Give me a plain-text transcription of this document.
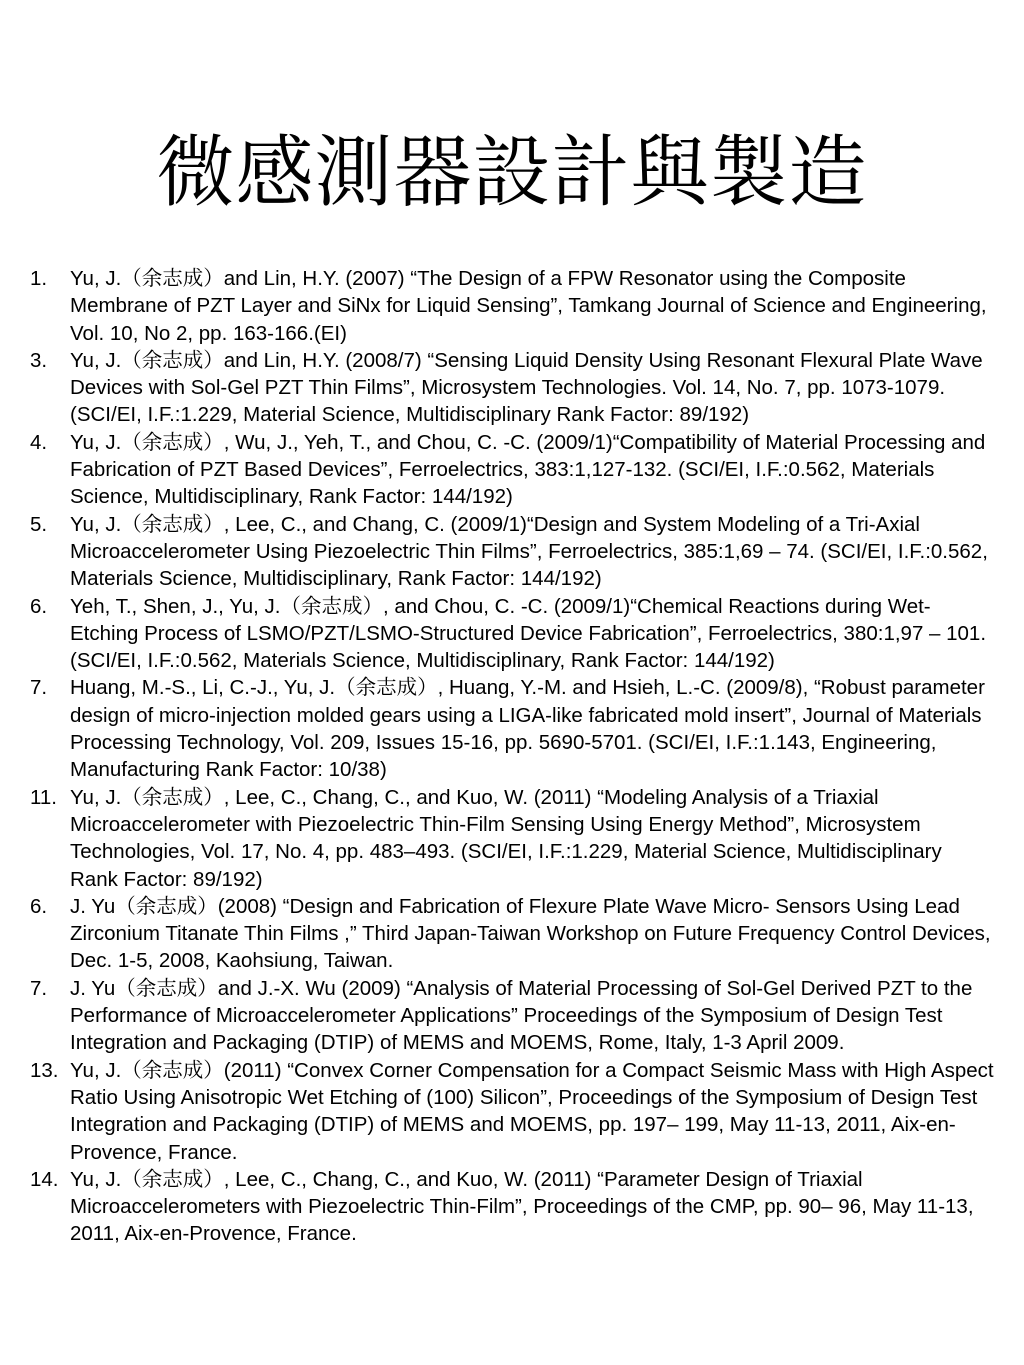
微感測器設計與製造
1.	Yu, J.（余志成）and Lin, H.Y. (2007) “The Design of a FPW Resonator using the Composite Membrane of PZT Layer and SiNx for Liquid Sensing”, Tamkang Journal of Science and Engineering, Vol. 10, No 2, pp. 163-166.(EI)
3.	Yu, J.（余志成）and Lin, H.Y. (2008/7) “Sensing Liquid Density Using Resonant Flexural Plate Wave Devices with Sol-Gel PZT Thin Films”, Microsystem Technologies. Vol. 14, No. 7, pp. 1073-1079. (SCI/EI, I.F.:1.229, Material Science, Multidisciplinary Rank Factor: 89/192)
4.	Yu, J.（余志成）, Wu, J., Yeh, T., and Chou, C. -C. (2009/1)“Compatibility of Material Processing and Fabrication of PZT Based Devices”, Ferroelectrics, 383:1,127-132. (SCI/EI, I.F.:0.562, Materials Science, Multidisciplinary, Rank Factor: 144/192)
5.	Yu, J.（余志成）, Lee, C., and Chang, C. (2009/1)“Design and System Modeling of a Tri-Axial Microaccelerometer Using Piezoelectric Thin Films”, Ferroelectrics, 385:1,69 – 74. (SCI/EI, I.F.:0.562, Materials Science, Multidisciplinary, Rank Factor: 144/192)
6.	Yeh, T., Shen, J., Yu, J.（余志成）, and Chou, C. -C. (2009/1)“Chemical Reactions during Wet-Etching Process of LSMO/PZT/LSMO-Structured Device Fabrication”, Ferroelectrics, 380:1,97 – 101. (SCI/EI, I.F.:0.562, Materials Science, Multidisciplinary, Rank Factor: 144/192)
7.	Huang, M.-S., Li, C.-J., Yu, J.（余志成）, Huang, Y.-M. and Hsieh, L.-C. (2009/8), “Robust parameter design of micro-injection molded gears using a LIGA-like fabricated mold insert”, Journal of Materials Processing Technology, Vol. 209, Issues 15-16, pp. 5690-5701. (SCI/EI, I.F.:1.143, Engineering, Manufacturing Rank Factor: 10/38)
11. Yu, J.（余志成）, Lee, C., Chang, C., and Kuo, W. (2011) “Modeling Analysis of a Triaxial Microaccelerometer with Piezoelectric Thin-Film Sensing Using Energy Method”, Microsystem Technologies, Vol. 17, No. 4, pp. 483–493. (SCI/EI, I.F.:1.229, Material Science, Multidisciplinary Rank Factor: 89/192)
6.	J. Yu（余志成）(2008) “Design and Fabrication of Flexure Plate Wave Micro- Sensors Using Lead Zirconium Titanate Thin Films ,” Third Japan-Taiwan Workshop on Future Frequency Control Devices, Dec. 1-5, 2008, Kaohsiung, Taiwan.
7.	J. Yu（余志成）and J.-X. Wu (2009) “Analysis of Material Processing of Sol-Gel Derived PZT to the Performance of Microaccelerometer Applications” Proceedings of the Symposium of Design Test Integration and Packaging (DTIP) of MEMS and MOEMS, Rome, Italy, 1-3 April 2009.
13. Yu, J.（余志成）(2011) “Convex Corner Compensation for a Compact Seismic Mass with High Aspect Ratio Using Anisotropic Wet Etching of (100) Silicon”, Proceedings of the Symposium of Design Test Integration and Packaging (DTIP) of MEMS and MOEMS, pp. 197– 199, May 11-13, 2011, Aix-en-Provence, France.
14. Yu, J.（余志成）, Lee, C., Chang, C., and Kuo, W. (2011) “Parameter Design of Triaxial Microaccelerometers with Piezoelectric Thin-Film”, Proceedings of the CMP, pp. 90– 96, May 11-13, 2011, Aix-en-Provence, France.
